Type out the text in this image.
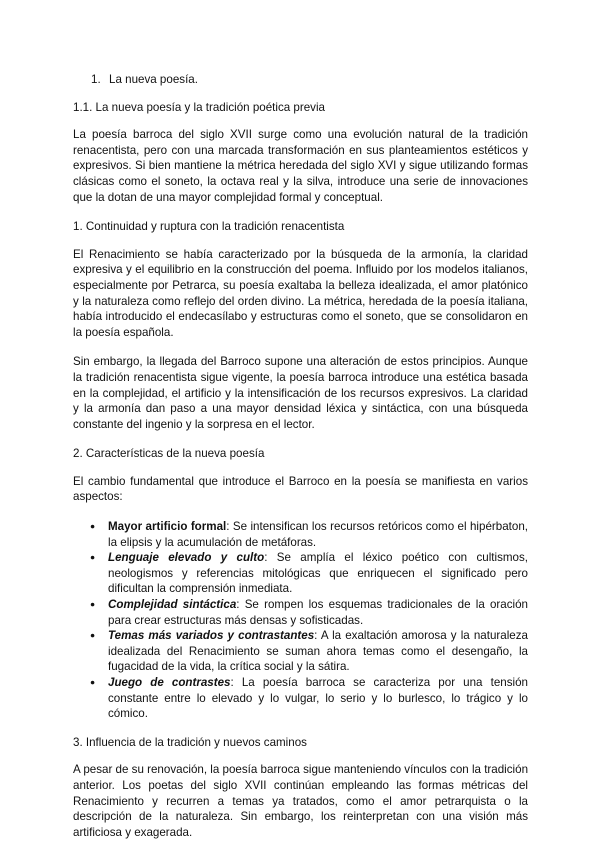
1. La nueva poesía.
1.1. La nueva poesía y la tradición poética previa

La poesía barroca del siglo XVII surge como una evolución natural de la tradición renacentista, pero con una marcada transformación en sus planteamientos estéticos y expresivos. Si bien mantiene la métrica heredada del siglo XVI y sigue utilizando formas clásicas como el soneto, la octava real y la silva, introduce una serie de innovaciones que la dotan de una mayor complejidad formal y conceptual.

1. Continuidad y ruptura con la tradición renacentista

El Renacimiento se había caracterizado por la búsqueda de la armonía, la claridad expresiva y el equilibrio en la construcción del poema. Influido por los modelos italianos, especialmente por Petrarca, su poesía exaltaba la belleza idealizada, el amor platónico y la naturaleza como reflejo del orden divino. La métrica, heredada de la poesía italiana, había introducido el endecasílabo y estructuras como el soneto, que se consolidaron en la poesía española.

Sin embargo, la llegada del Barroco supone una alteración de estos principios. Aunque la tradición renacentista sigue vigente, la poesía barroca introduce una estética basada en la complejidad, el artificio y la intensificación de los recursos expresivos. La claridad y la armonía dan paso a una mayor densidad léxica y sintáctica, con una búsqueda constante del ingenio y la sorpresa en el lector.

2. Características de la nueva poesía

El cambio fundamental que introduce el Barroco en la poesía se manifiesta en varios aspectos:

● Mayor artificio formal: Se intensifican los recursos retóricos como el hipérbaton, la elipsis y la acumulación de metáforas.
● Lenguaje elevado y culto: Se amplía el léxico poético con cultismos, neologismos y referencias mitológicas que enriquecen el significado pero dificultan la comprensión inmediata.
● Complejidad sintáctica: Se rompen los esquemas tradicionales de la oración para crear estructuras más densas y sofisticadas.
● Temas más variados y contrastantes: A la exaltación amorosa y la naturaleza idealizada del Renacimiento se suman ahora temas como el desengaño, la fugacidad de la vida, la crítica social y la sátira.
● Juego de contrastes: La poesía barroca se caracteriza por una tensión constante entre lo elevado y lo vulgar, lo serio y lo burlesco, lo trágico y lo cómico.
3. Influencia de la tradición y nuevos caminos

A pesar de su renovación, la poesía barroca sigue manteniendo vínculos con la tradición anterior. Los poetas del siglo XVII continúan empleando las formas métricas del Renacimiento y recurren a temas ya tratados, como el amor petrarquista o la descripción de la naturaleza. Sin embargo, los reinterpretan con una visión más artificiosa y exagerada.
